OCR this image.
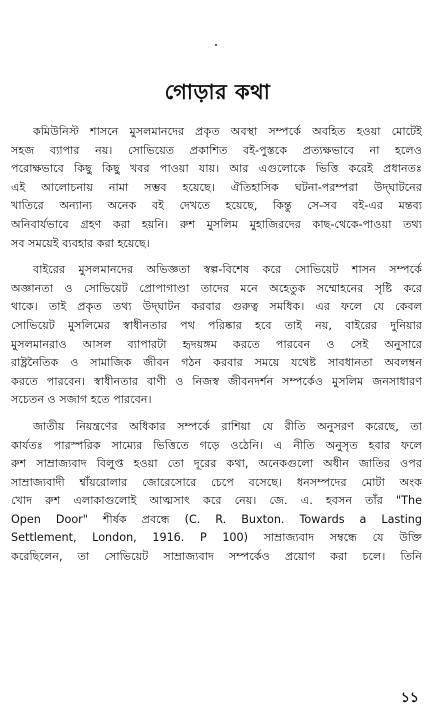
গোড়ার কথা

কমিউনিস্ট শাসনে মুসলমানদের প্রকৃত অবস্থা সম্পর্কে অবহিত হওয়া মোটেই
সহজ ব্যাপার নয়। সোভিয়েত প্রকাশিত বই-পুস্তকে প্রত্যক্ষভাবে না হলেও
পরোক্ষভাবে কিছু কিছু খবর পাওয়া যায়। আর এগুলোকে ভিত্তি করেই প্রধানতঃ
এই আলোচনায় নামা সম্ভব হয়েছে। ঐতিহাসিক ঘটনা-পরম্পরা উদ্‌ঘাটনের
খাতিরে অন্যান্য অনেক বই দেখতে হয়েছে, কিন্তু সে-সব বই-এর মন্তব্য
অনিবার্যভাবে গ্রহণ করা হয়নি। রুশ মুসলিম মুহাজিরদের কাছ-থেকে-পাওয়া তথ্য
সব সময়েই ব্যবহার করা হয়েছে।

বাইরের মুসলমানদের অভিজ্ঞতা স্বল্প-বিশেষ করে সোভিয়েট শাসন সম্পর্কে
অজ্ঞানতা ও সোভিয়েট প্রোপাগাণ্ডা তাদের মনে অহেতুক সম্মোহনের সৃষ্টি করে
থাকে। তাই প্রকৃত তথ্য উদ্‌ঘাটন করবার গুরুত্ব সমধিক। এর ফলে যে কেবল
সোভিয়েট মুসলিমের স্বাধীনতার পথ পরিষ্কার হবে তাই নয়, বাইরের দুনিয়ার
মুসলমানরাও আসল ব্যাপারটা হৃদয়ঙ্গম করতে পারবেন ও সেই অনুসারে
রাষ্ট্রনৈতিক ও সামাজিক জীবন গঠন করবার সময়ে যথেষ্ট সাবধানতা অবলম্বন
করতে পারবেন। স্বাধীনতার বাণী ও নিজস্ব জীবনদর্শন সম্পর্কেও মুসলিম জনসাধারণ
সচেতন ও সজাগ হতে পারবেন।

জাতীয় নিয়ন্ত্রণের অধিকার সম্পর্কে রাশিয়া যে রীতি অনুসরণ করেছে, তা
কার্যতঃ পারস্পরিক সাম্যের ভিত্তিতে গড়ে ওঠেনি। এ নীতি অনুসৃত হবার ফলে
রুশ সাম্রাজ্যবাদ বিলুপ্ত হওয়া তো দূরের কথা, অনেকগুলো অধীন জাতির ওপর
সাম্রাজ্যবাদী শ্বাঁয়রোলার জোরেসোরে চেপে বসেছে। ধনসম্পদের মোটা অংক
খোদ রুশ এলাকাগুলোই আত্মসাৎ করে নেয়। জে. এ. হবসন তাঁর "The
Open Door" শীর্ষক প্রবন্ধে (C. R. Buxton. Towards a Lasting
Settlement, London, 1916. P 100) সাম্রাজ্যবাদ সম্বন্ধে যে উক্তি
করেছিলেন, তা সোভিয়েট সাম্রাজ্যবাদ সম্পর্কেও প্রয়োগ করা চলে। তিনি

১১
